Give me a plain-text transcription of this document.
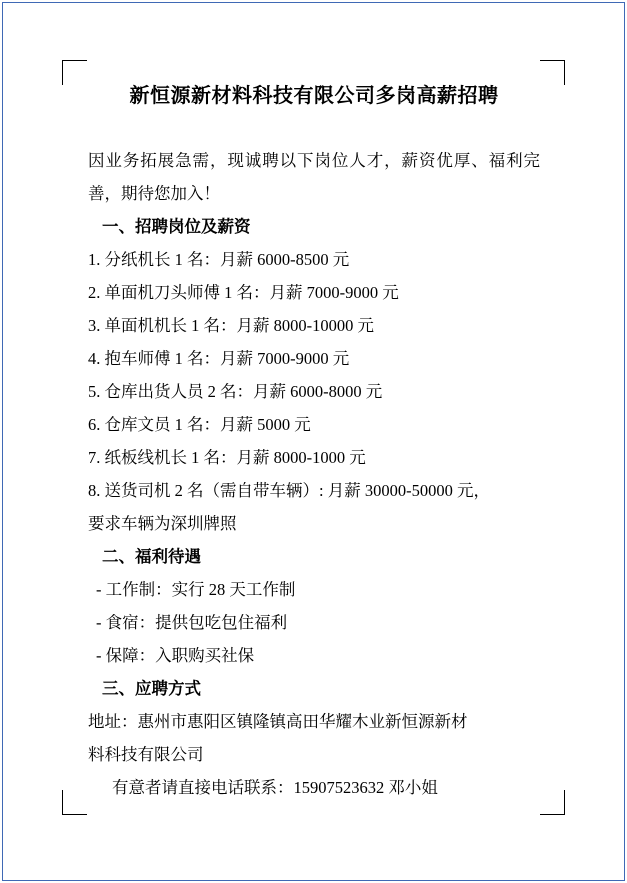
新恒源新材料科技有限公司多岗高薪招聘

因业务拓展急需，现诚聘以下岗位人才，薪资优厚、福利完善，期待您加入！

一、招聘岗位及薪资
1. 分纸机长 1 名：月薪 6000-8500 元
2. 单面机刀头师傅 1 名：月薪 7000-9000 元
3. 单面机机长 1 名：月薪 8000-10000 元
4. 抱车师傅 1 名：月薪 7000-9000 元
5. 仓库出货人员 2 名：月薪 6000-8000 元
6. 仓库文员 1 名：月薪 5000 元
7. 纸板线机长 1 名：月薪 8000-1000 元
8. 送货司机 2 名（需自带车辆）: 月薪 30000-50000 元，
要求车辆为深圳牌照
二、福利待遇
- 工作制：实行 28 天工作制
- 食宿：提供包吃包住福利
- 保障：入职购买社保
三、应聘方式
地址：惠州市惠阳区镇隆镇高田华耀木业新恒源新材
料科技有限公司
有意者请直接电话联系：15907523632 邓小姐
